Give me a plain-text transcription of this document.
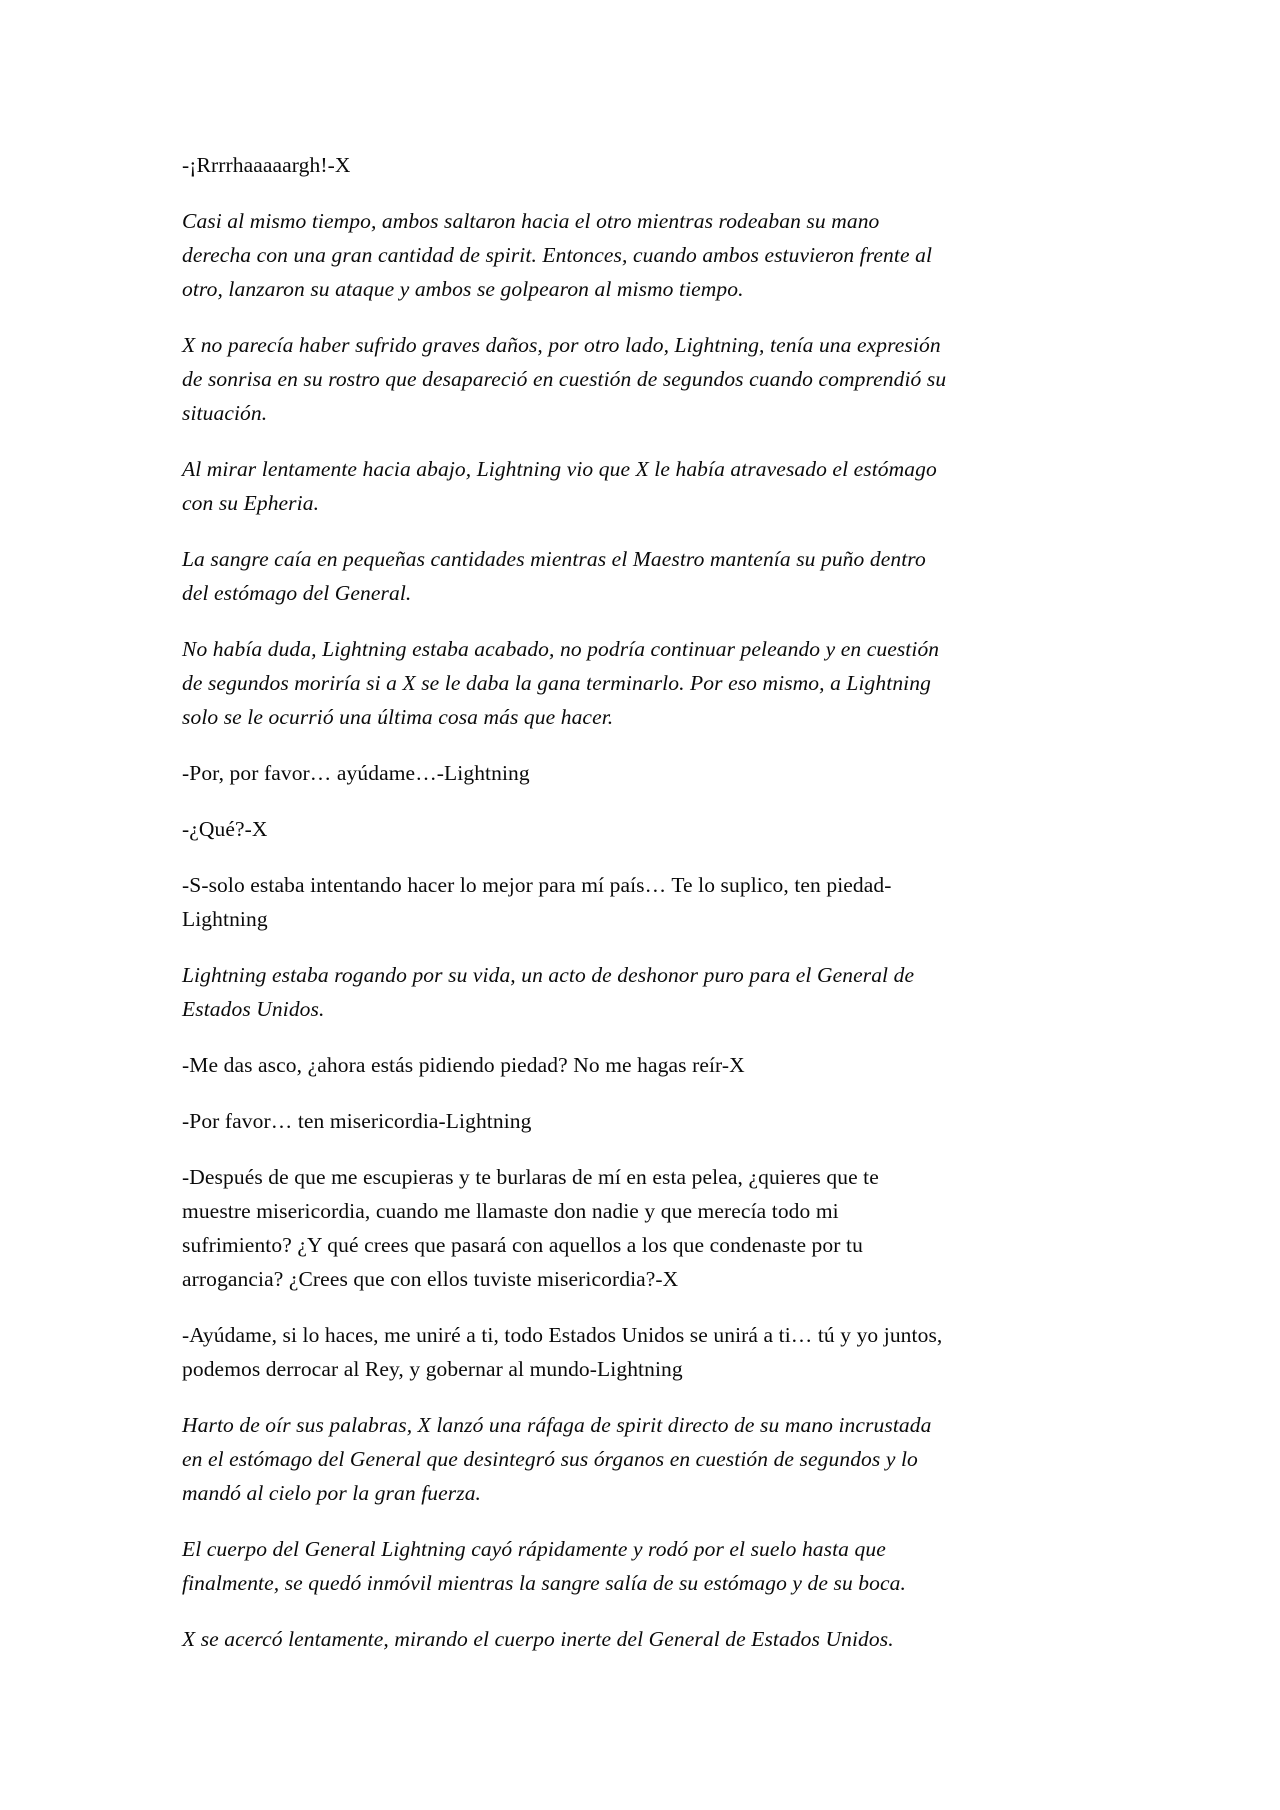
-¡Rrrrhaaaaargh!-X

Casi al mismo tiempo, ambos saltaron hacia el otro mientras rodeaban su mano
derecha con una gran cantidad de spirit. Entonces, cuando ambos estuvieron frente al
otro, lanzaron su ataque y ambos se golpearon al mismo tiempo.

X no parecía haber sufrido graves daños, por otro lado, Lightning, tenía una expresión
de sonrisa en su rostro que desapareció en cuestión de segundos cuando comprendió su
situación.

Al mirar lentamente hacia abajo, Lightning vio que X le había atravesado el estómago
con su Epheria.

La sangre caía en pequeñas cantidades mientras el Maestro mantenía su puño dentro
del estómago del General.

No había duda, Lightning estaba acabado, no podría continuar peleando y en cuestión
de segundos moriría si a X se le daba la gana terminarlo. Por eso mismo, a Lightning
solo se le ocurrió una última cosa más que hacer.

-Por, por favor… ayúdame…-Lightning

-¿Qué?-X

-S-solo estaba intentando hacer lo mejor para mí país… Te lo suplico, ten piedad-
Lightning

Lightning estaba rogando por su vida, un acto de deshonor puro para el General de
Estados Unidos.

-Me das asco, ¿ahora estás pidiendo piedad? No me hagas reír-X

-Por favor… ten misericordia-Lightning

-Después de que me escupieras y te burlaras de mí en esta pelea, ¿quieres que te
muestre misericordia, cuando me llamaste don nadie y que merecía todo mi
sufrimiento? ¿Y qué crees que pasará con aquellos a los que condenaste por tu
arrogancia? ¿Crees que con ellos tuviste misericordia?-X

-Ayúdame, si lo haces, me uniré a ti, todo Estados Unidos se unirá a ti… tú y yo juntos,
podemos derrocar al Rey, y gobernar al mundo-Lightning

Harto de oír sus palabras, X lanzó una ráfaga de spirit directo de su mano incrustada
en el estómago del General que desintegró sus órganos en cuestión de segundos y lo
mandó al cielo por la gran fuerza.

El cuerpo del General Lightning cayó rápidamente y rodó por el suelo hasta que
finalmente, se quedó inmóvil mientras la sangre salía de su estómago y de su boca.

X se acercó lentamente, mirando el cuerpo inerte del General de Estados Unidos.
